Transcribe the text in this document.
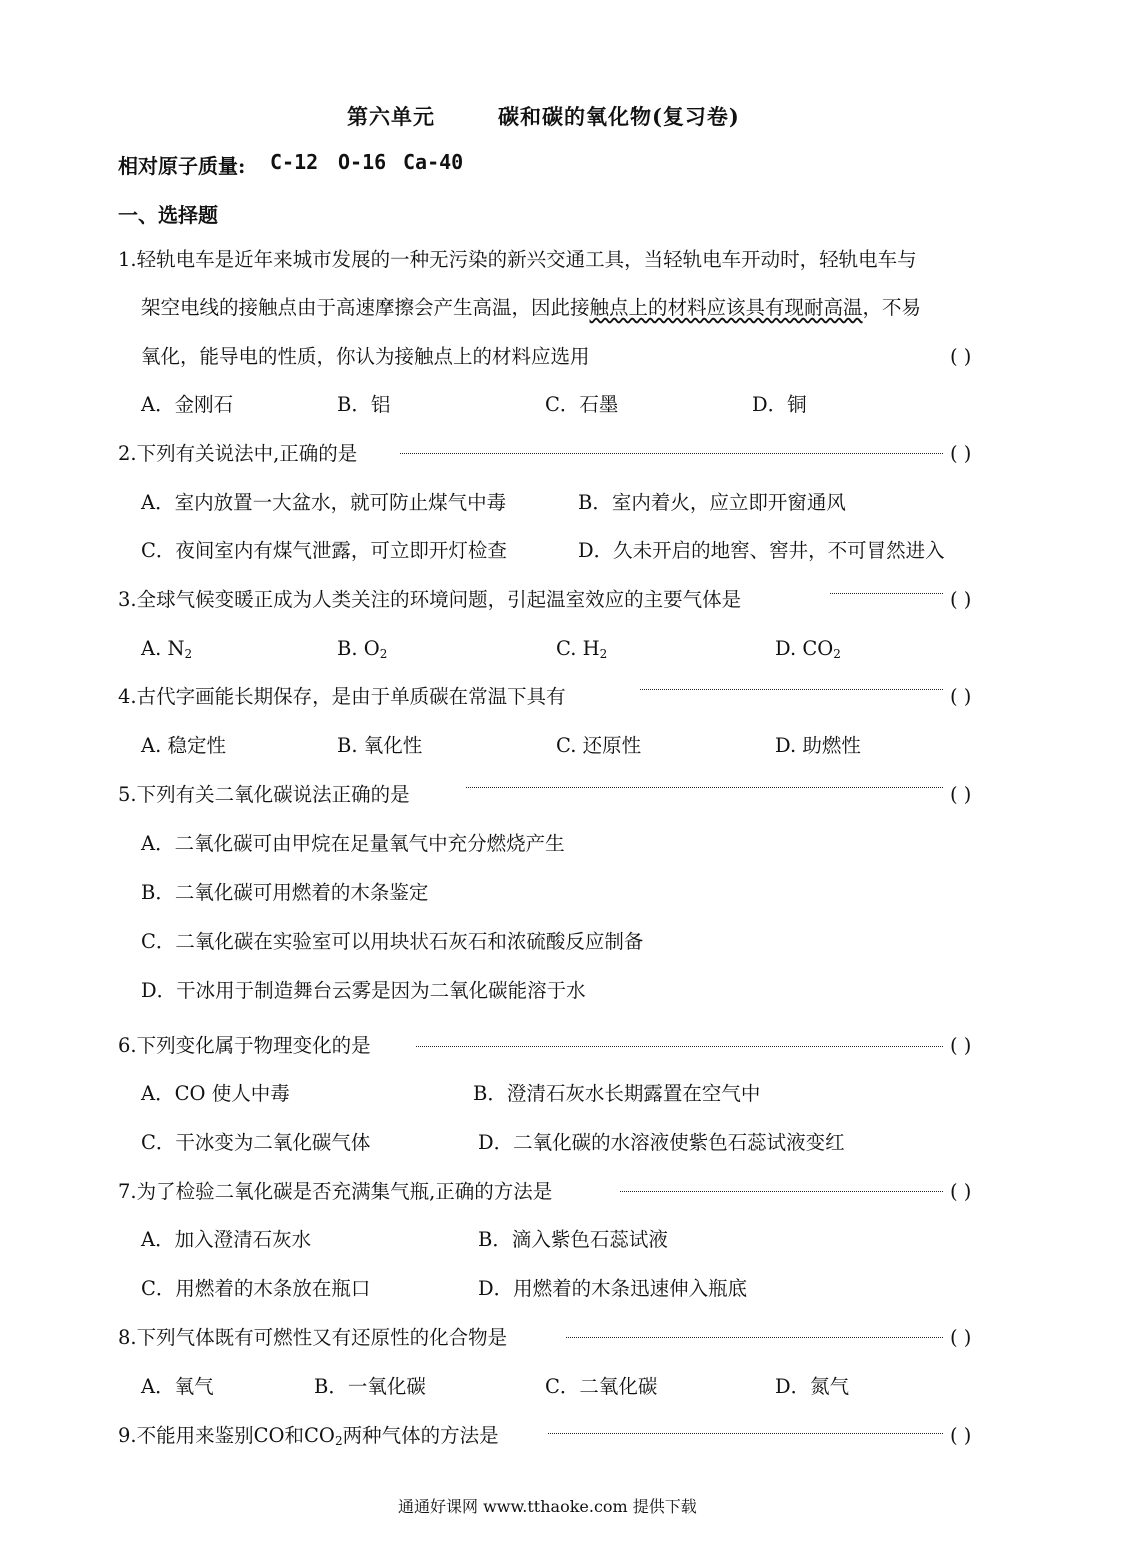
第六单元	碳和碳的氧化物(复习卷)
相对原子质量: C-12 O-16 Ca-40
一、选择题
1.轻轨电车是近年来城市发展的一种无污染的新兴交通工具，当轻轨电车开动时，轻轨电车与
架空电线的接触点由于高速摩擦会产生高温，因此接触点上的材料应该具有现耐高温，不易
氧化，能导电的性质，你认为接触点上的材料应选用	( )
A．金刚石	B．铝	C．石墨	D．铜
2.下列有关说法中,正确的是	( )
A．室内放置一大盆水，就可防止煤气中毒	B．室内着火，应立即开窗通风
C．夜间室内有煤气泄露，可立即开灯检查	D．久未开启的地窖、窖井，不可冒然进入
3.全球气候变暖正成为人类关注的环境问题，引起温室效应的主要气体是	( )
A. $N_2$	B. $O_2$	C. $H_2$	D. $CO_2$
4.古代字画能长期保存，是由于单质碳在常温下具有	( )
A. 稳定性	B. 氧化性	C. 还原性	D. 助燃性
5.下列有关二氧化碳说法正确的是	( )
A．二氧化碳可由甲烷在足量氧气中充分燃烧产生
B．二氧化碳可用燃着的木条鉴定
C．二氧化碳在实验室可以用块状石灰石和浓硫酸反应制备
D．干冰用于制造舞台云雾是因为二氧化碳能溶于水
6.下列变化属于物理变化的是	( )
A．CO 使人中毒	B．澄清石灰水长期露置在空气中
C．干冰变为二氧化碳气体	D．二氧化碳的水溶液使紫色石蕊试液变红
7.为了检验二氧化碳是否充满集气瓶,正确的方法是	( )
A．加入澄清石灰水	B．滴入紫色石蕊试液
C．用燃着的木条放在瓶口	D．用燃着的木条迅速伸入瓶底
8.下列气体既有可燃性又有还原性的化合物是	( )
A．氧气	B．一氧化碳	C．二氧化碳	D．氮气
9.不能用来鉴别CO和$CO_2$两种气体的方法是	( )
通通好课网 www.tthaoke.com 提供下载
